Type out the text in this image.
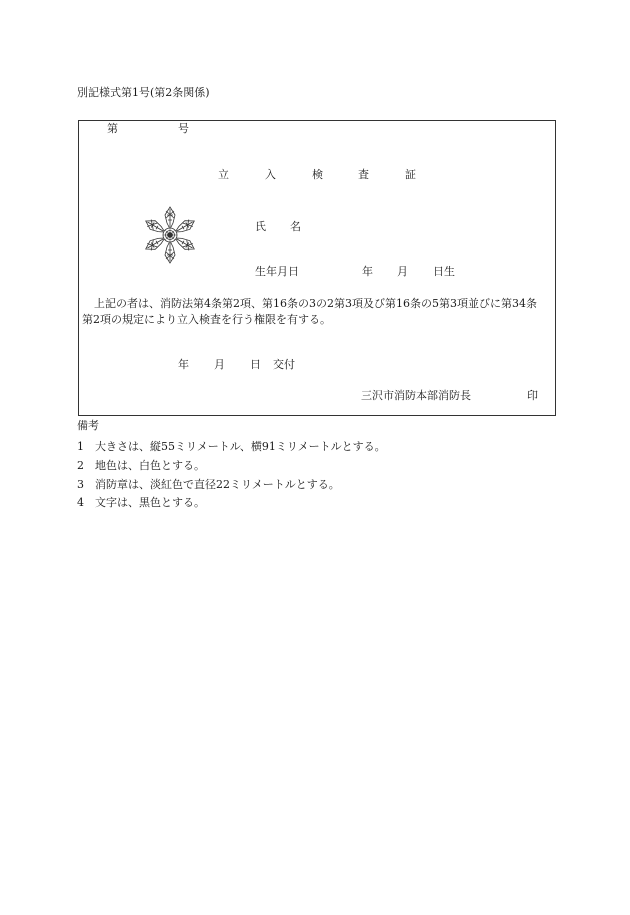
別記様式第1号(第2条関係)
第	号
立	入	検	査	証
氏 名
生年月日	年 月 日生
上記の者は、消防法第4条第2項、第16条の3の2第3項及び第16条の5第3項並びに第34条
第2項の規定により立入検査を行う権限を有する。
年 月 日 交付
三沢市消防本部消防長	印
備考
1 大きさは、縦55ミリメートル、横91ミリメートルとする。
2 地色は、白色とする。
3 消防章は、淡紅色で直径22ミリメートルとする。
4 文字は、黒色とする。
